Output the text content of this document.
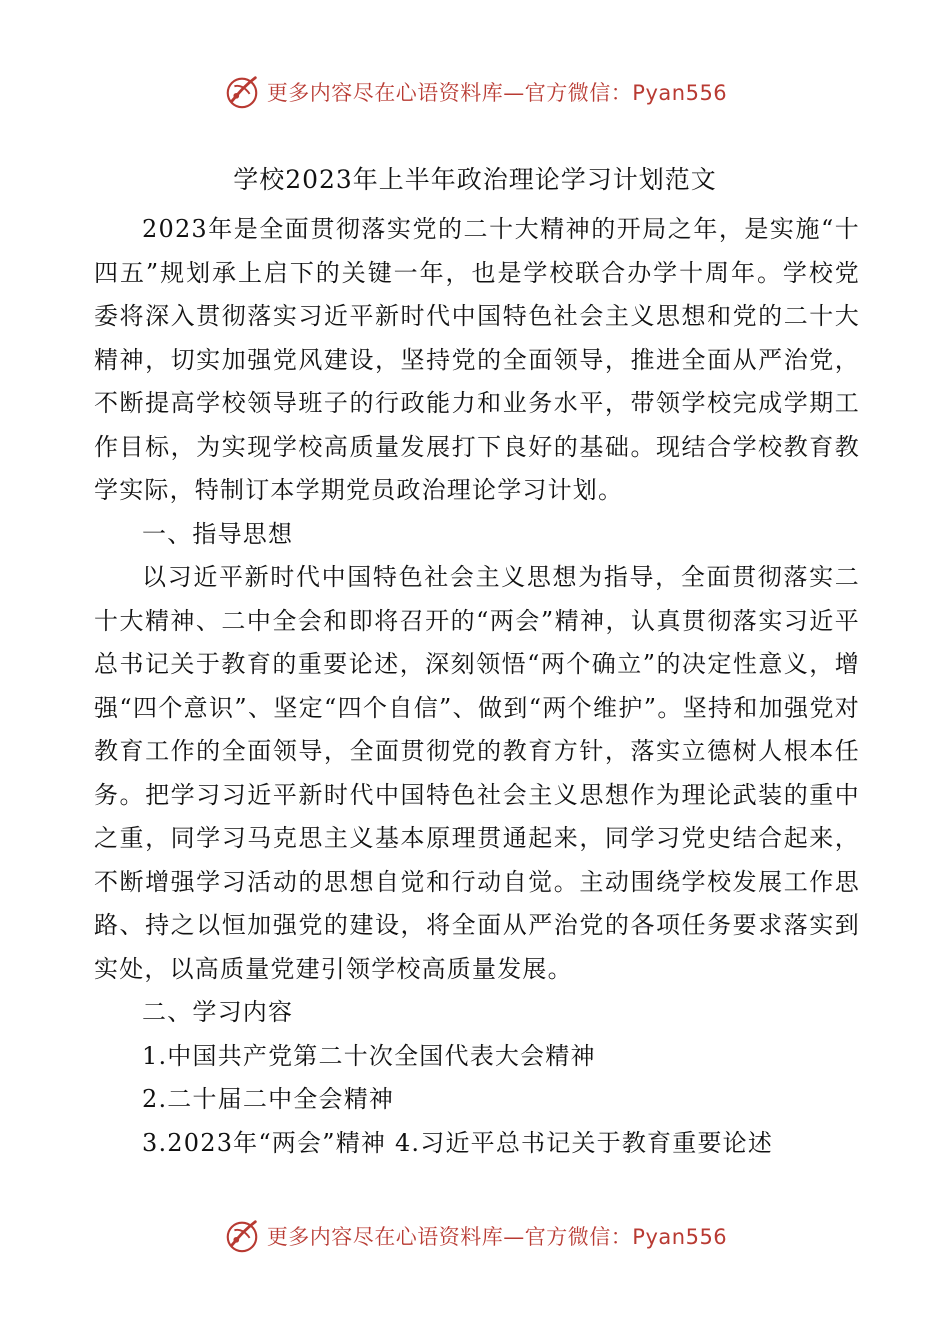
更多内容尽在心语资料库—官方微信：Pyan556
学校2023年上半年政治理论学习计划范文

2023年是全面贯彻落实党的二十大精神的开局之年，是实施“十四五”规划承上启下的关键一年，也是学校联合办学十周年。学校党委将深入贯彻落实习近平新时代中国特色社会主义思想和党的二十大精神，切实加强党风建设，坚持党的全面领导，推进全面从严治党，不断提高学校领导班子的行政能力和业务水平，带领学校完成学期工作目标，为实现学校高质量发展打下良好的基础。现结合学校教育教学实际，特制订本学期党员政治理论学习计划。

一、指导思想

以习近平新时代中国特色社会主义思想为指导，全面贯彻落实二十大精神、二中全会和即将召开的“两会”精神，认真贯彻落实习近平总书记关于教育的重要论述，深刻领悟“两个确立”的决定性意义，增强“四个意识”、坚定“四个自信”、做到“两个维护”。坚持和加强党对教育工作的全面领导，全面贯彻党的教育方针，落实立德树人根本任务。把学习习近平新时代中国特色社会主义思想作为理论武装的重中之重，同学习马克思主义基本原理贯通起来，同学习党史结合起来，不断增强学习活动的思想自觉和行动自觉。主动围绕学校发展工作思路、持之以恒加强党的建设，将全面从严治党的各项任务要求落实到实处，以高质量党建引领学校高质量发展。

二、学习内容

1.中国共产党第二十次全国代表大会精神

2.二十届二中全会精神

3.2023年“两会”精神 4.习近平总书记关于教育重要论述

更多内容尽在心语资料库—官方微信：Pyan556
